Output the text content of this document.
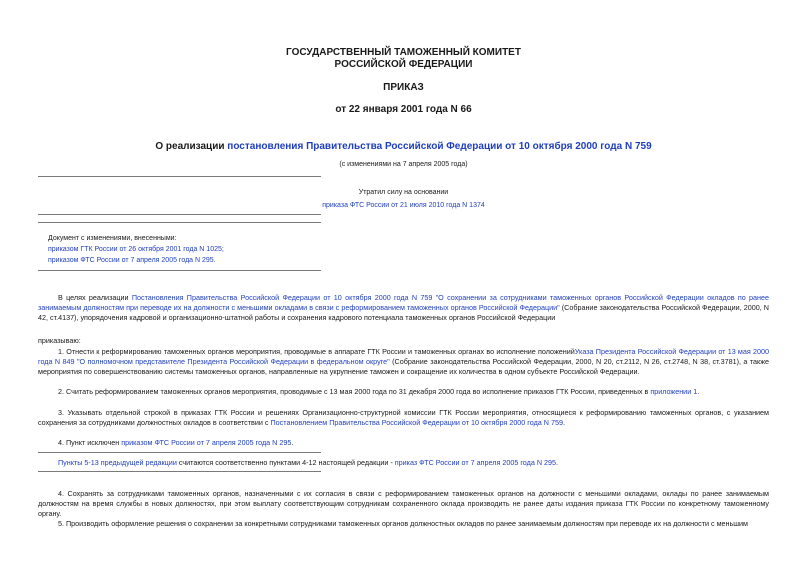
ГОСУДАРСТВЕННЫЙ ТАМОЖЕННЫЙ КОМИТЕТ
РОССИЙСКОЙ ФЕДЕРАЦИИ
ПРИКАЗ
от 22 января 2001 года N 66
О реализации постановления Правительства Российской Федерации от 10 октября 2000 года N 759
(с изменениями на 7 апреля 2005 года)
Утратил силу на основании
приказа ФТС России от 21 июля 2010 года N 1374
Документ с изменениями, внесенными:
приказом ГТК России от 26 октября 2001 года N 1025;
приказом ФТС России от 7 апреля 2005 года N 295.
В целях реализации Постановления Правительства Российской Федерации от 10 октября 2000 года N 759 "О сохранении за сотрудниками таможенных органов Российской Федерации окладов по ранее занимаемым должностям при переводе их на должности с меньшими окладами в связи с реформированием таможенных органов Российской Федерации" (Собрание законодательства Российской Федерации, 2000, N 42, ст.4137), упорядочения кадровой и организационно-штатной работы и сохранения кадрового потенциала таможенных органов Российской Федерации
приказываю:
1. Отнести к реформированию таможенных органов мероприятия, проводимые в аппарате ГТК России и таможенных органах во исполнение положенийУказа Президента Российской Федерации от 13 мая 2000 года N 849 "О полномочном представителе Президента Российской Федерации в федеральном округе" (Собрание законодательства Российской Федерации, 2000, N 20, ст.2112, N 26, ст.2748, N 38, ст.3781), а также мероприятия по совершенствованию системы таможенных органов, направленные на укрупнение таможен и сокращение их количества в одном субъекте Российской Федерации.
2. Считать реформированием таможенных органов мероприятия, проводимые с 13 мая 2000 года по 31 декабря 2000 года во исполнение приказов ГТК России, приведенных в приложении 1.
3. Указывать отдельной строкой в приказах ГТК России и решениях Организационно-структурной комиссии ГТК России мероприятия, относящиеся к реформированию таможенных органов, с указанием сохранения за сотрудниками должностных окладов в соответствии с Постановлением Правительства Российской Федерации от 10 октября 2000 года N 759.
4. Пункт исключен приказом ФТС России от 7 апреля 2005 года N 295.
Пункты 5-13 предыдущей редакции считаются соответственно пунктами 4-12 настоящей редакции - приказ ФТС России от 7 апреля 2005 года N 295.
4. Сохранять за сотрудниками таможенных органов, назначенными с их согласия в связи с реформированием таможенных органов на должности с меньшими окладами, оклады по ранее занимаемым должностям на время службы в новых должностях, при этом выплату соответствующим сотрудникам сохраненного оклада производить не ранее даты издания приказа ГТК России по конкретному таможенному органу.
5. Производить оформление решения о сохранении за конкретными сотрудниками таможенных органов должностных окладов по ранее занимаемым должностям при переводе их на должности с меньшим
